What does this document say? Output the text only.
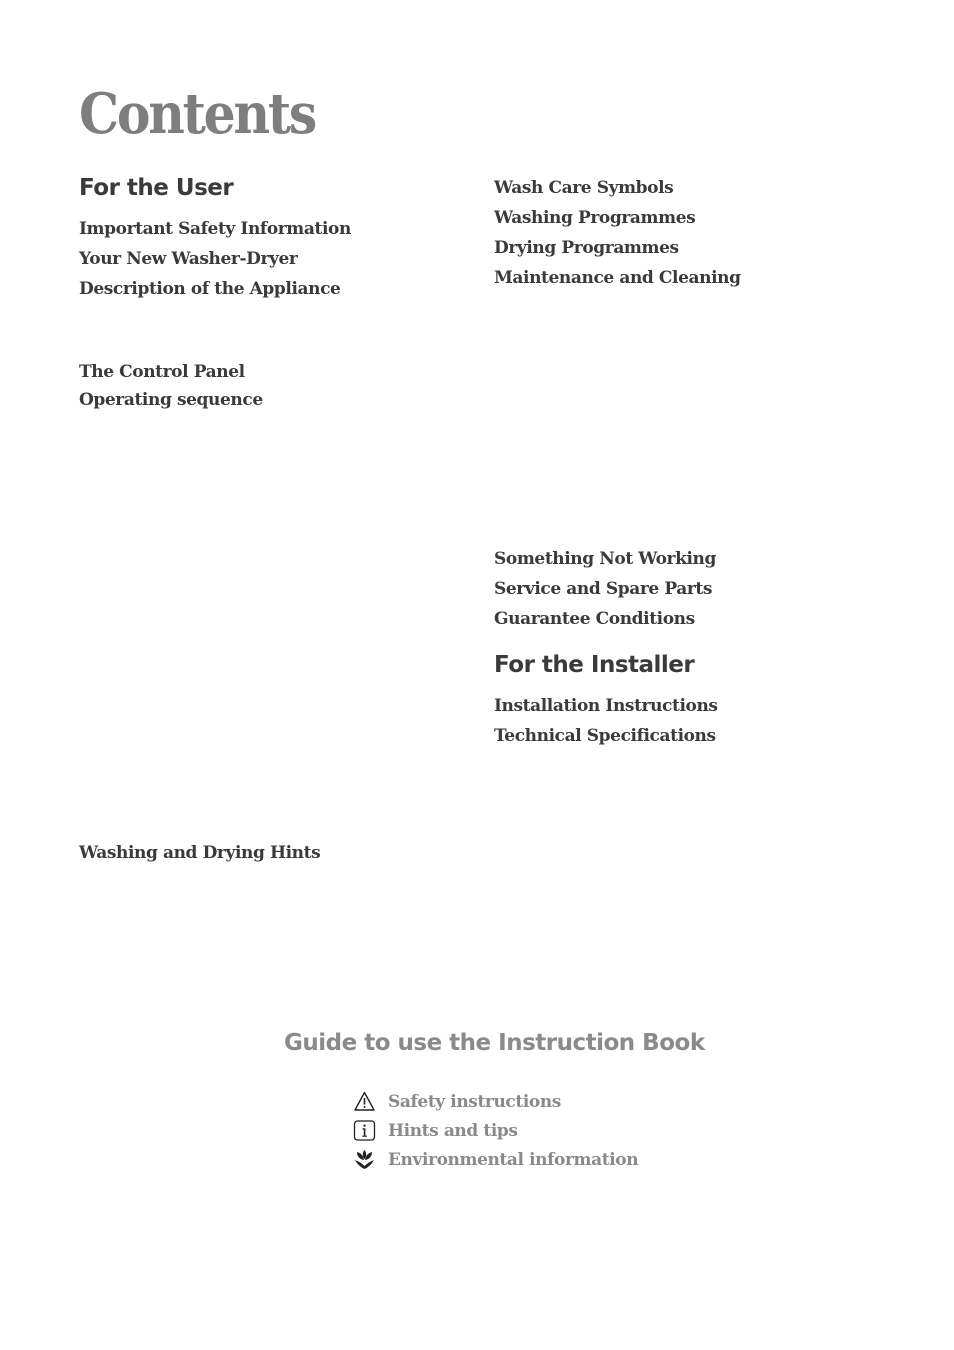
Contents
For the User
Important Safety Information
Your New Washer-Dryer
Description of the Appliance
The Control Panel
Operating sequence
Washing and Drying Hints
Wash Care Symbols
Washing Programmes
Drying Programmes
Maintenance and Cleaning
Something Not Working
Service and Spare Parts
Guarantee Conditions
For the Installer
Installation Instructions
Technical Specifications
Guide to use the Instruction Book
Safety instructions
Hints and tips
Environmental information
